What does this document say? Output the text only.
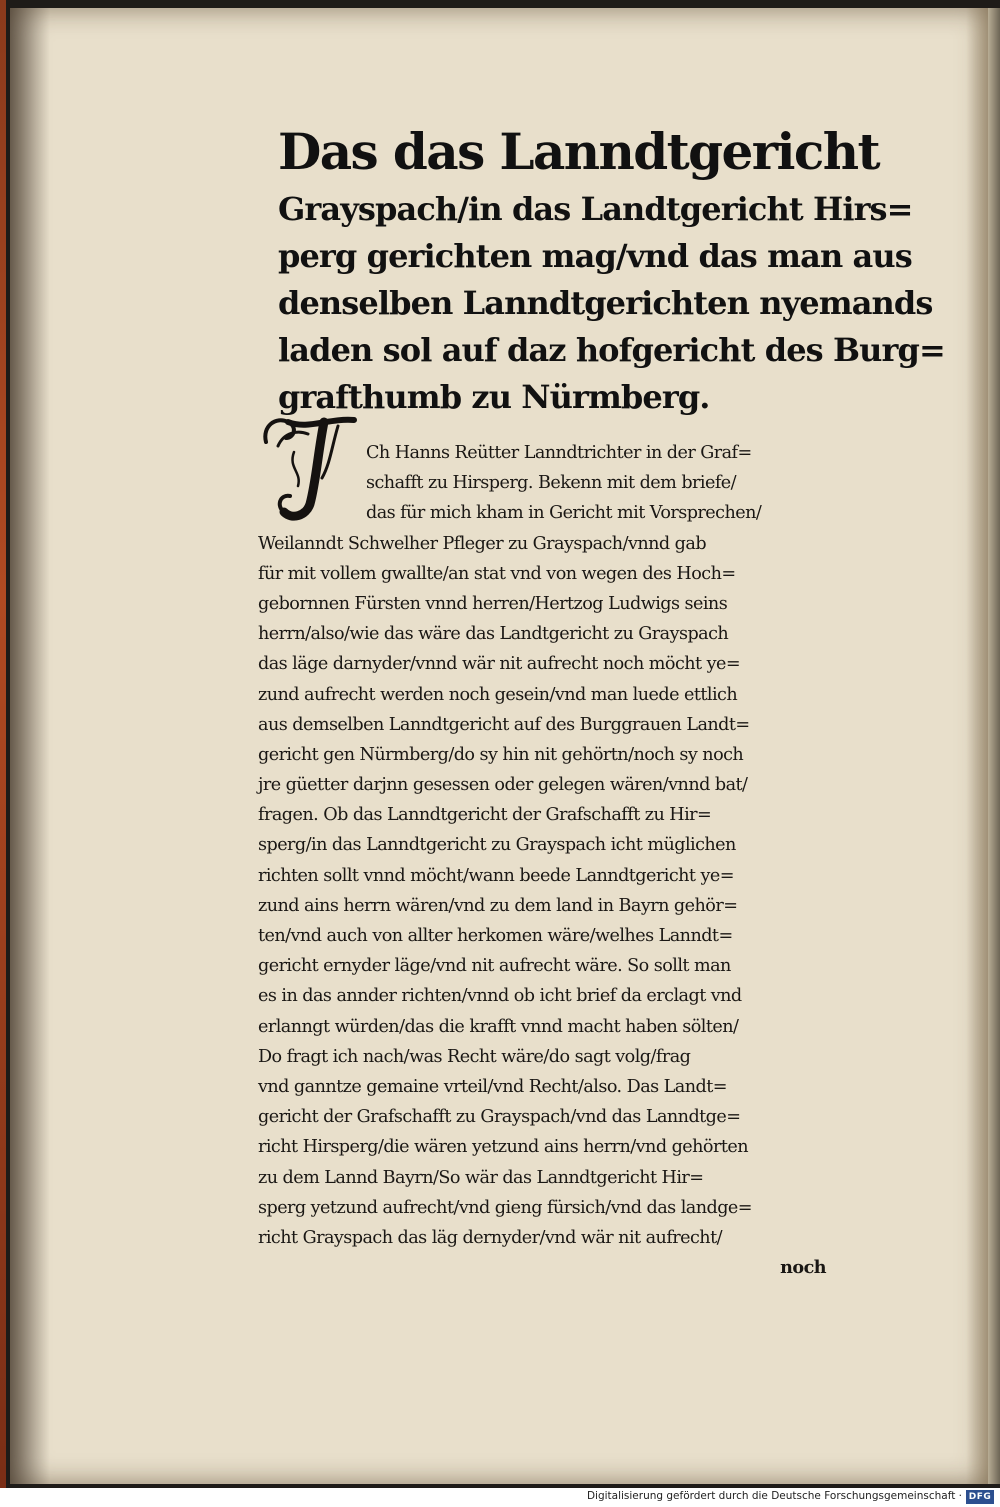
Das das Lanndtgericht
Grayspach/in das Landtgericht Hirs=
perg gerichten mag/vnd das man aus
denselben Lanndtgerichten nyemands
laden sol auf daz hofgericht des Burg=
grafthumb zu Nürmberg.
J
Ch Hanns Reütter Lanndtrichter in der Graf=
schafft zu Hirsperg. Bekenn mit dem briefe/
das für mich kham in Gericht mit Vorsprechen/
Weilanndt Schwelher Pfleger zu Grayspach/vnnd gab
für mit vollem gwallte/an stat vnd von wegen des Hoch=
gebornnen Fürsten vnnd herren/Hertzog Ludwigs seins
herrn/also/wie das wäre das Landtgericht zu Grayspach
das läge darnyder/vnnd wär nit aufrecht noch möcht ye=
zund aufrecht werden noch gesein/vnd man luede ettlich
aus demselben Lanndtgericht auf des Burggrauen Landt=
gericht gen Nürmberg/do sy hin nit gehörtn/noch sy noch
jre güetter darjnn gesessen oder gelegen wären/vnnd bat/
fragen. Ob das Lanndtgericht der Grafschafft zu Hir=
sperg/in das Lanndtgericht zu Grayspach icht müglichen
richten sollt vnnd möcht/wann beede Lanndtgericht ye=
zund ains herrn wären/vnd zu dem land in Bayrn gehör=
ten/vnd auch von allter herkomen wäre/welhes Lanndt=
gericht ernyder läge/vnd nit aufrecht wäre. So sollt man
es in das annder richten/vnnd ob icht brief da erclagt vnd
erlanngt würden/das die krafft vnnd macht haben sölten/
Do fragt ich nach/was Recht wäre/do sagt volg/frag
vnd ganntze gemaine vrteil/vnd Recht/also. Das Landt=
gericht der Grafschafft zu Grayspach/vnd das Lanndtge=
richt Hirsperg/die wären yetzund ains herrn/vnd gehörten
zu dem Lannd Bayrn/So wär das Lanndtgericht Hir=
sperg yetzund aufrecht/vnd gieng fürsich/vnd das landge=
richt Grayspach das läg dernyder/vnd wär nit aufrecht/
noch
Digitalisierung gefördert durch die Deutsche Forschungsgemeinschaft · DFG
